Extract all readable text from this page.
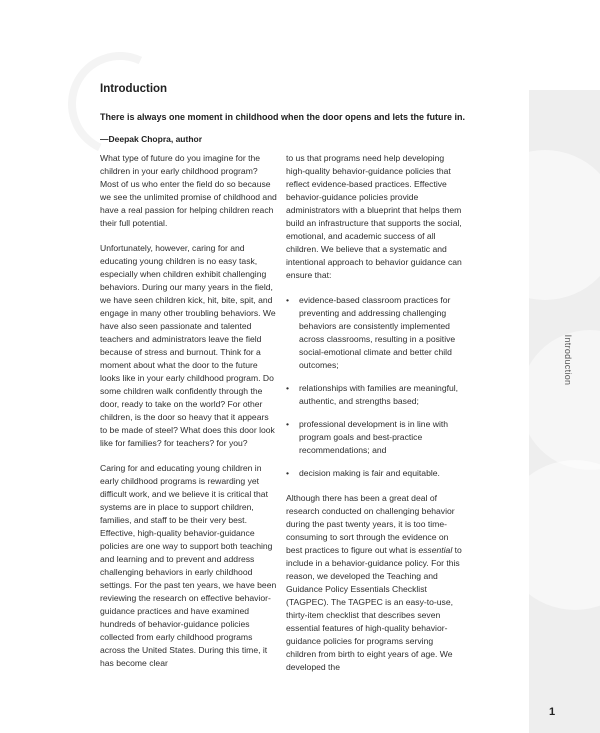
Introduction

There is always one moment in childhood when the door opens and lets the future in.

—Deepak Chopra, author

What type of future do you imagine for the children in your early childhood program? Most of us who enter the field do so because we see the unlimited promise of childhood and have a real passion for helping children reach their full potential.

Unfortunately, however, caring for and educating young children is no easy task, especially when children exhibit challenging behaviors. During our many years in the field, we have seen children kick, hit, bite, spit, and engage in many other troubling behaviors. We have also seen passionate and talented teachers and administrators leave the field because of stress and burnout. Think for a moment about what the door to the future looks like in your early childhood program. Do some children walk confidently through the door, ready to take on the world? For other children, is the door so heavy that it appears to be made of steel? What does this door look like for families? for teachers? for you?

Caring for and educating young children in early childhood programs is rewarding yet difficult work, and we believe it is critical that systems are in place to support children, families, and staff to be their very best. Effective, high-quality behavior-guidance policies are one way to support both teaching and learning and to prevent and address challenging behaviors in early childhood settings. For the past ten years, we have been reviewing the research on effective behavior-guidance practices and have examined hundreds of behavior-guidance policies collected from early childhood programs across the United States. During this time, it has become clear

to us that programs need help developing high-quality behavior-guidance policies that reflect evidence-based practices. Effective behavior-guidance policies provide administrators with a blueprint that helps them build an infrastructure that supports the social, emotional, and academic success of all children. We believe that a systematic and intentional approach to behavior guidance can ensure that:

• evidence-based classroom practices for preventing and addressing challenging behaviors are consistently implemented across classrooms, resulting in a positive social-emotional climate and better child outcomes;
• relationships with families are meaningful, authentic, and strengths based;
• professional development is in line with program goals and best-practice recommendations; and
• decision making is fair and equitable.

Although there has been a great deal of research conducted on challenging behavior during the past twenty years, it is too time-consuming to sort through the evidence on best practices to figure out what is essential to include in a behavior-guidance policy. For this reason, we developed the Teaching and Guidance Policy Essentials Checklist (TAGPEC). The TAGPEC is an easy-to-use, thirty-item checklist that describes seven essential features of high-quality behavior-guidance policies for programs serving children from birth to eight years of age. We developed the

Introduction
1
